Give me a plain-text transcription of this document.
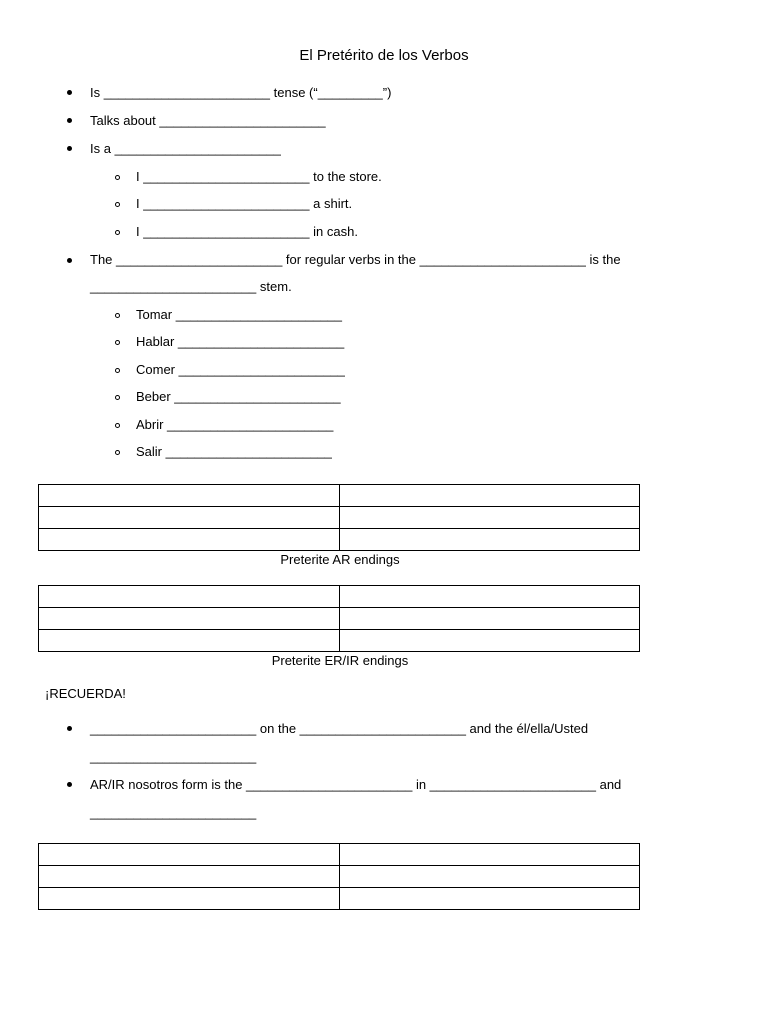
El Pretérito de los Verbos
Is _______________________ tense (“_________”)
Talks about _______________________
Is a _______________________
I _______________________ to the store.
I _______________________ a shirt.
I _______________________ in cash.
The _______________________ for regular verbs in the _______________________ is the
_______________________ stem.
Tomar _______________________
Hablar _______________________
Comer _______________________
Beber _______________________
Abrir _______________________
Salir _______________________

Preterite AR endings

Preterite ER/IR endings
¡RECUERDA!
_______________________ on the _______________________ and the él/ella/Usted
_______________________
AR/IR nosotros form is the _______________________ in _______________________ and
_______________________
